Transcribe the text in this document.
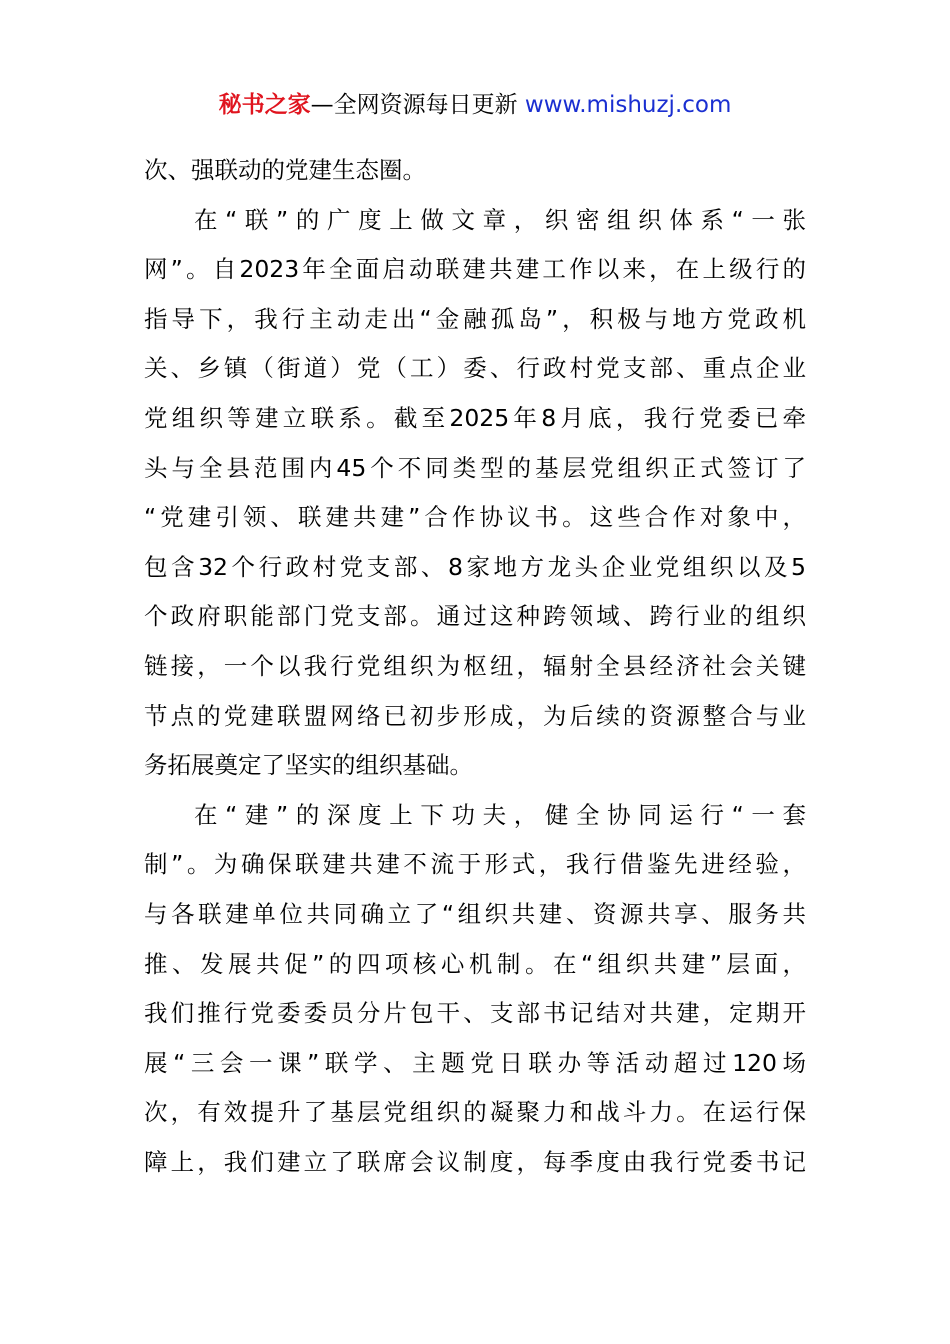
秘书之家—全网资源每日更新 www.mishuzj.com
次、强联动的党建生态圈。
在“联”的广度上做文章，织密组织体系“一张
网”。自2023年全面启动联建共建工作以来，在上级行的
指导下，我行主动走出“金融孤岛”，积极与地方党政机
关、乡镇（街道）党（工）委、行政村党支部、重点企业
党组织等建立联系。截至2025年8月底，我行党委已牵
头与全县范围内45个不同类型的基层党组织正式签订了
“党建引领、联建共建”合作协议书。这些合作对象中，
包含32个行政村党支部、8家地方龙头企业党组织以及5
个政府职能部门党支部。通过这种跨领域、跨行业的组织
链接，一个以我行党组织为枢纽，辐射全县经济社会关键
节点的党建联盟网络已初步形成，为后续的资源整合与业
务拓展奠定了坚实的组织基础。
在“建”的深度上下功夫，健全协同运行“一套
制”。为确保联建共建不流于形式，我行借鉴先进经验，
与各联建单位共同确立了“组织共建、资源共享、服务共
推、发展共促”的四项核心机制。在“组织共建”层面，
我们推行党委委员分片包干、支部书记结对共建，定期开
展“三会一课”联学、主题党日联办等活动超过120场
次，有效提升了基层党组织的凝聚力和战斗力。在运行保
障上，我们建立了联席会议制度，每季度由我行党委书记
